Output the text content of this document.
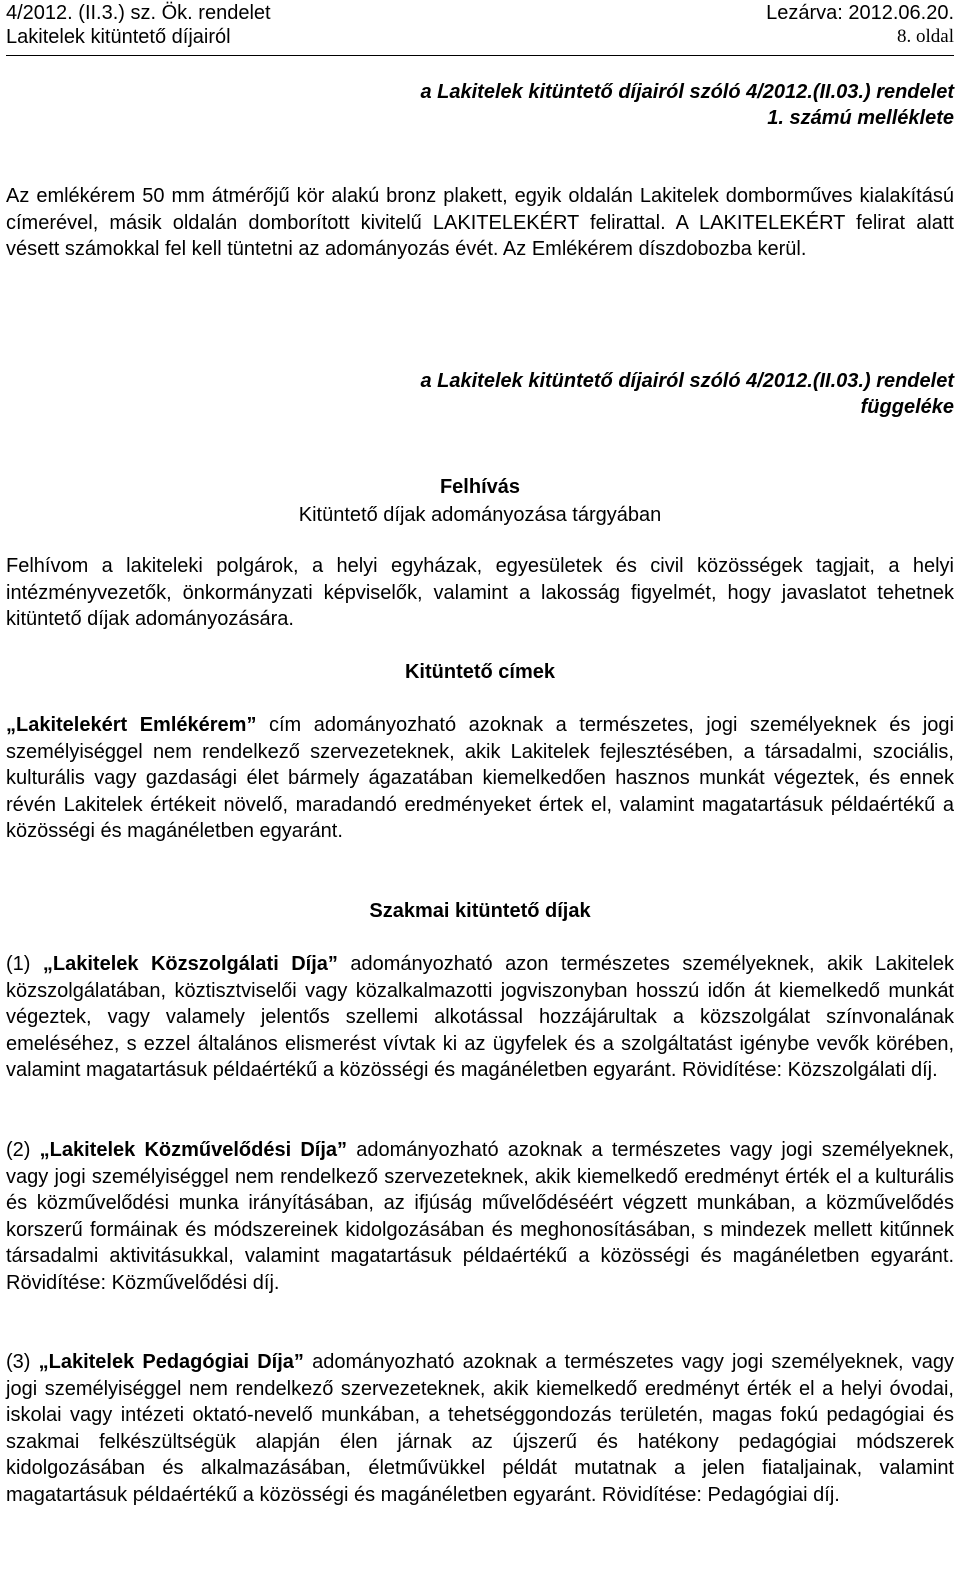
4/2012. (II.3.) sz. Ök. rendelet	Lezárva: 2012.06.20.
Lakitelek kitüntető díjairól	8. oldal
a Lakitelek kitüntető díjairól szóló 4/2012.(II.03.) rendelet
1. számú melléklete
Az emlékérem 50 mm átmérőjű kör alakú bronz plakett, egyik oldalán Lakitelek domborműves kialakítású címerével, másik oldalán domborított kivitelű LAKITELEKÉRT felirattal. A LAKITELEKÉRT felirat alatt vésett számokkal fel kell tüntetni az adományozás évét. Az Emlékérem díszdobozba kerül.
a Lakitelek kitüntető díjairól szóló 4/2012.(II.03.) rendelet
függeléke
Felhívás
Kitüntető díjak adományozása tárgyában
Felhívom a lakiteleki polgárok, a helyi egyházak, egyesületek és civil közösségek tagjait, a helyi intézményvezetők, önkormányzati képviselők, valamint a lakosság figyelmét, hogy javaslatot tehetnek kitüntető díjak adományozására.
Kitüntető címek
„Lakitelekért Emlékérem” cím adományozható azoknak a természetes, jogi személyeknek és jogi személyiséggel nem rendelkező szervezeteknek, akik Lakitelek fejlesztésében, a társadalmi, szociális, kulturális vagy gazdasági élet bármely ágazatában kiemelkedően hasznos munkát végeztek, és ennek révén Lakitelek értékeit növelő, maradandó eredményeket értek el, valamint magatartásuk példaértékű a közösségi és magánéletben egyaránt.
Szakmai kitüntető díjak
(1) „Lakitelek Közszolgálati Díja” adományozható azon természetes személyeknek, akik Lakitelek közszolgálatában, köztisztviselői vagy közalkalmazotti jogviszonyban hosszú időn át kiemelkedő munkát végeztek, vagy valamely jelentős szellemi alkotással hozzájárultak a közszolgálat színvonalának emeléséhez, s ezzel általános elismerést vívtak ki az ügyfelek és a szolgáltatást igénybe vevők körében, valamint magatartásuk példaértékű a közösségi és magánéletben egyaránt. Rövidítése: Közszolgálati díj.
(2) „Lakitelek Közművelődési Díja” adományozható azoknak a természetes vagy jogi személyeknek, vagy jogi személyiséggel nem rendelkező szervezeteknek, akik kiemelkedő eredményt érték el a kulturális és közművelődési munka irányításában, az ifjúság művelődéséért végzett munkában, a közművelődés korszerű formáinak és módszereinek kidolgozásában és meghonosításában, s mindezek mellett kitűnnek társadalmi aktivitásukkal, valamint magatartásuk példaértékű a közösségi és magánéletben egyaránt. Rövidítése: Közművelődési díj.
(3) „Lakitelek Pedagógiai Díja” adományozható azoknak a természetes vagy jogi személyeknek, vagy jogi személyiséggel nem rendelkező szervezeteknek, akik kiemelkedő eredményt érték el a helyi óvodai, iskolai vagy intézeti oktató-nevelő munkában, a tehetséggondozás területén, magas fokú pedagógiai és szakmai felkészültségük alapján élen járnak az újszerű és hatékony pedagógiai módszerek kidolgozásában és alkalmazásában, életművükkel példát mutatnak a jelen fiataljainak, valamint magatartásuk példaértékű a közösségi és magánéletben egyaránt. Rövidítése: Pedagógiai díj.
